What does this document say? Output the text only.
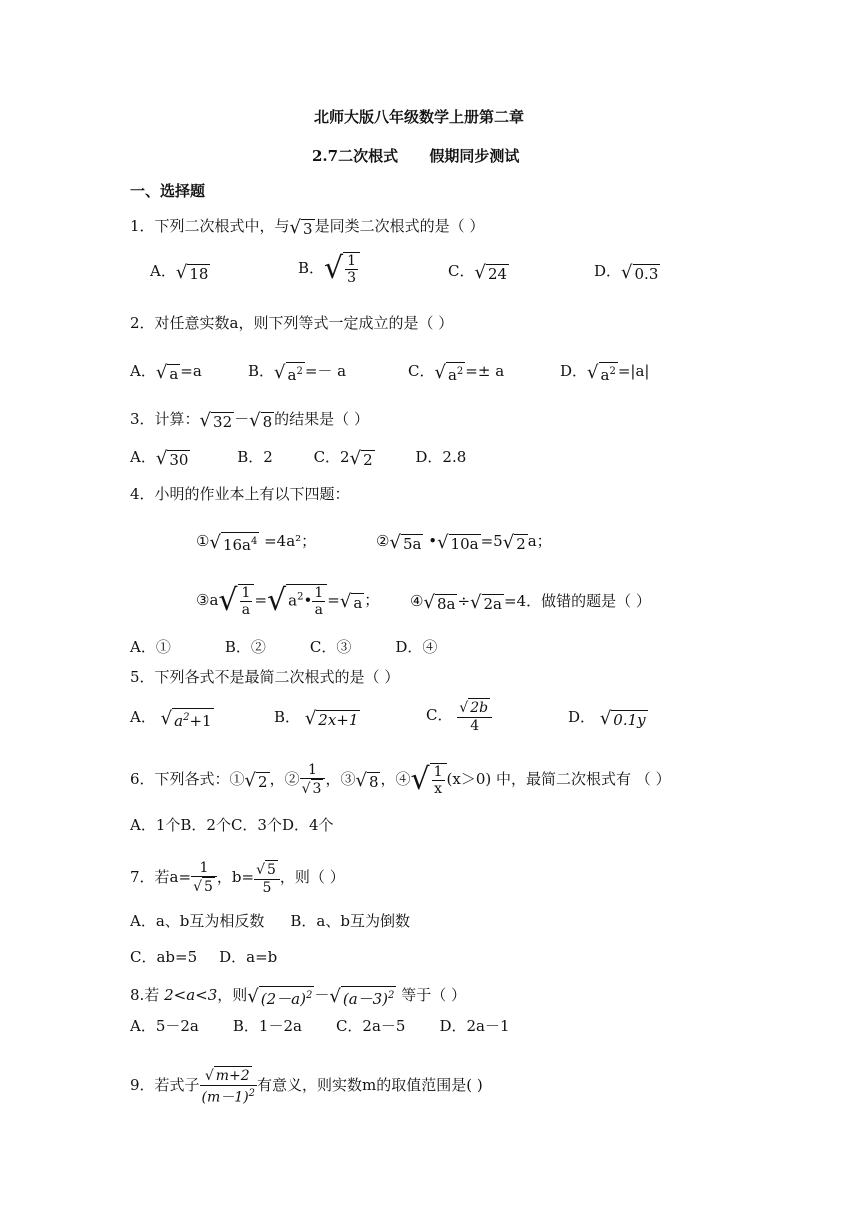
北师大版八年级数学上册第二章
2.7二次根式      假期同步测试
一、选择题
1．下列二次根式中，与√ 3 是同类二次根式的是（ ）
A．√ 18	B．√ $\frac{1}{3}$	C．√ 24	D．√ 0.3
2．对任意实数a，则下列等式一定成立的是（ ）
A．√ a =a	B．√ $a^2 =- a$	C．√ $a^2 =\pm a$	D．√ $a^2 =|a|$
3．计算：√ 32 －√ 8 的结果是（ ）
A．√ 30	B．2	C．2√ 2	D．2.8
4．小明的作业本上有以下四题：
①√ $16a^4 =4a^2$；	②√ 5a •√ 10a =5√ 2 a；
③a√ $\frac{1}{a}$ =√ $a^2• \frac{1}{a}$ =√ a ； ④√ 8a ÷√ 2a =4．做错的题是（ ）
A．①	B．②	C．③	D．④
5．下列各式不是最简二次根式的是（ ）
A． √ $a^2+1$	B． √ 2x+1	C． $\frac{√ 2b}{4}$	D． √ 0.1y
6．下列各式：①√ 2 ，② $\frac{1}{√ 3}$ ，③√ 8 ，④√ $\frac{1}{x} (x>0)$ 中，最简二次根式有 （ ）
A．1个B．2个C．3个D．4个
7．若$a= \frac{1}{√ 5}$ ，$b= \frac{√ 5}{5}$ ，则（ ）
A．a、b互为相反数 B．a、b互为倒数
C．ab=5 D．a=b
8.若 2<a<3，则√ $(2-a)^2$ －√ $(a-3)^2$ 等于（ ）
A．5－2a B．1－2a C．2a－5 D．2a－1
9．若式子 $\frac{√ m+2}{(m-1)^2}$ 有意义，则实数m的取值范围是( )
